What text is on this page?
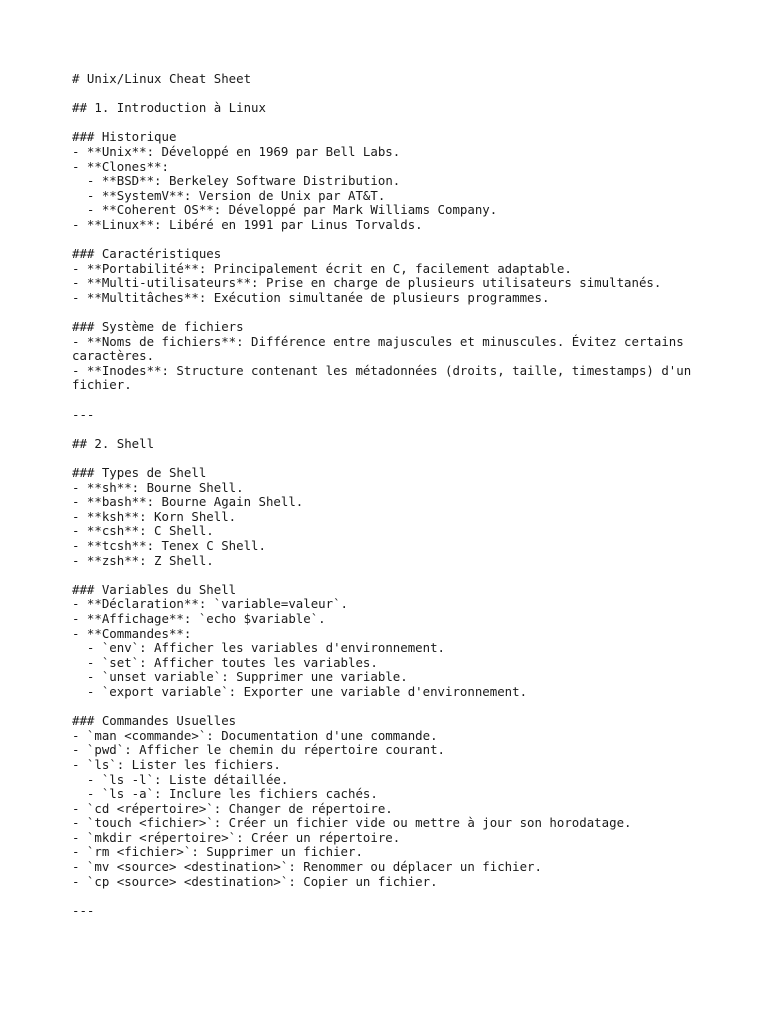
# Unix/Linux Cheat Sheet
## 1. Introduction à Linux
### Historique
- **Unix**: Développé en 1969 par Bell Labs.
- **Clones**:
- **BSD**: Berkeley Software Distribution.
- **SystemV**: Version de Unix par AT&T.
- **Coherent OS**: Développé par Mark Williams Company.
- **Linux**: Libéré en 1991 par Linus Torvalds.
### Caractéristiques
- **Portabilité**: Principalement écrit en C, facilement adaptable.
- **Multi-utilisateurs**: Prise en charge de plusieurs utilisateurs simultanés.
- **Multitâches**: Exécution simultanée de plusieurs programmes.
### Système de fichiers
- **Noms de fichiers**: Différence entre majuscules et minuscules. Évitez certains
caractères.
- **Inodes**: Structure contenant les métadonnées (droits, taille, timestamps) d'un
fichier.
---
## 2. Shell
### Types de Shell
- **sh**: Bourne Shell.
- **bash**: Bourne Again Shell.
- **ksh**: Korn Shell.
- **csh**: C Shell.
- **tcsh**: Tenex C Shell.
- **zsh**: Z Shell.
### Variables du Shell
- **Déclaration**: `variable=valeur`.
- **Affichage**: `echo $variable`.
- **Commandes**:
- `env`: Afficher les variables d'environnement.
- `set`: Afficher toutes les variables.
- `unset variable`: Supprimer une variable.
- `export variable`: Exporter une variable d'environnement.
### Commandes Usuelles
- `man <commande>`: Documentation d'une commande.
- `pwd`: Afficher le chemin du répertoire courant.
- `ls`: Lister les fichiers.
- `ls -l`: Liste détaillée.
- `ls -a`: Inclure les fichiers cachés.
- `cd <répertoire>`: Changer de répertoire.
- `touch <fichier>`: Créer un fichier vide ou mettre à jour son horodatage.
- `mkdir <répertoire>`: Créer un répertoire.
- `rm <fichier>`: Supprimer un fichier.
- `mv <source> <destination>`: Renommer ou déplacer un fichier.
- `cp <source> <destination>`: Copier un fichier.
---
